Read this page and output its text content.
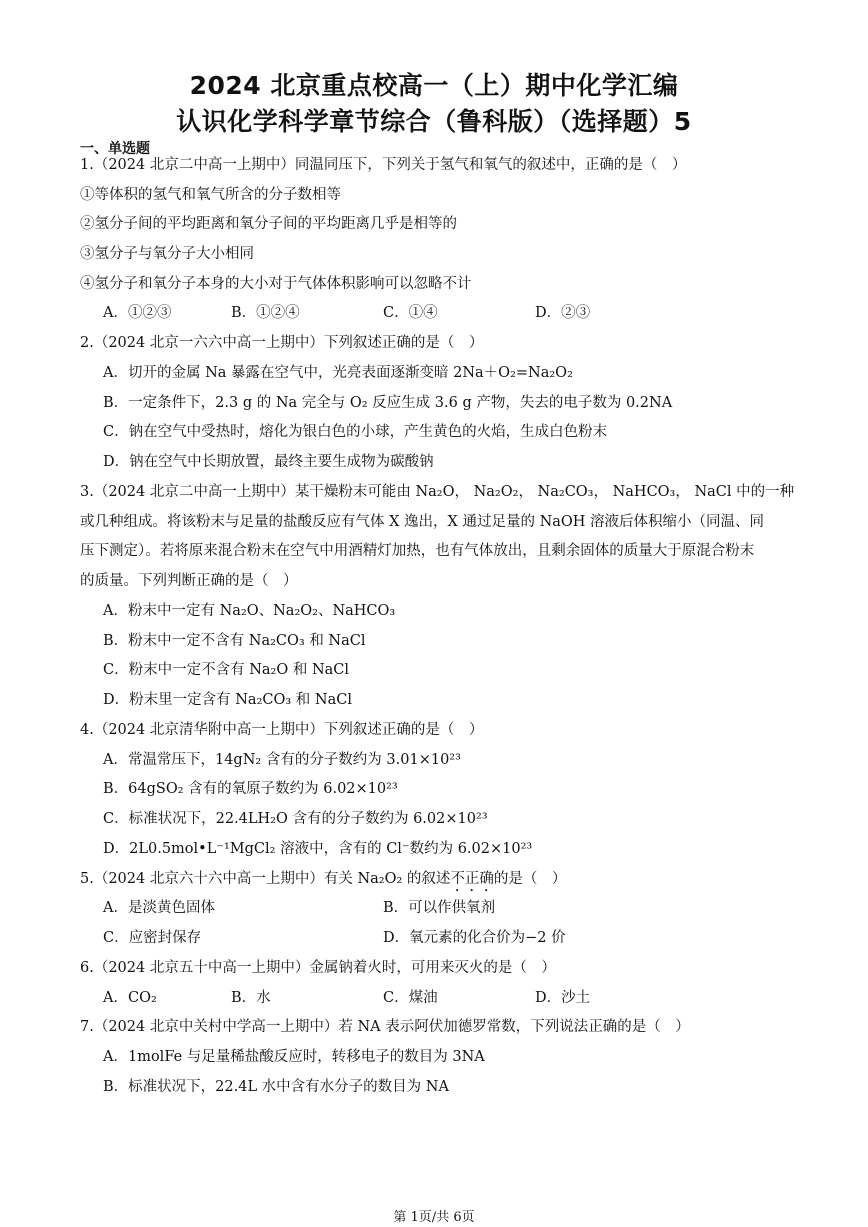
2024 北京重点校高一（上）期中化学汇编
认识化学科学章节综合（鲁科版）（选择题）5
一、单选题
1.（2024 北京二中高一上期中）同温同压下，下列关于氢气和氧气的叙述中，正确的是（　）
①等体积的氢气和氧气所含的分子数相等
②氢分子间的平均距离和氧分子间的平均距离几乎是相等的
③氢分子与氧分子大小相同
④氢分子和氧分子本身的大小对于气体体积影响可以忽略不计
A．①②③	B．①②④	C．①④	D．②③
2.（2024 北京一六六中高一上期中）下列叙述正确的是（　）
A．切开的金属 Na 暴露在空气中，光亮表面逐渐变暗 2Na＋O₂=Na₂O₂
B．一定条件下，2.3 g 的 Na 完全与 O₂ 反应生成 3.6 g 产物，失去的电子数为 0.2NA
C．钠在空气中受热时，熔化为银白色的小球，产生黄色的火焰，生成白色粉末
D．钠在空气中长期放置，最终主要生成物为碳酸钠
3.（2024 北京二中高一上期中）某干燥粉末可能由 Na₂O， Na₂O₂， Na₂CO₃， NaHCO₃， NaCl 中的一种
或几种组成。将该粉末与足量的盐酸反应有气体 X 逸出，X 通过足量的 NaOH 溶液后体积缩小（同温、同
压下测定）。若将原来混合粉末在空气中用酒精灯加热，也有气体放出，且剩余固体的质量大于原混合粉末
的质量。下列判断正确的是（　）
A．粉末中一定有 Na₂O、Na₂O₂、NaHCO₃
B．粉末中一定不含有 Na₂CO₃ 和 NaCl
C．粉末中一定不含有 Na₂O 和 NaCl
D．粉末里一定含有 Na₂CO₃ 和 NaCl
4.（2024 北京清华附中高一上期中）下列叙述正确的是（　）
A．常温常压下，14gN₂ 含有的分子数约为 3.01×10²³
B．64gSO₂ 含有的氧原子数约为 6.02×10²³
C．标准状况下，22.4LH₂O 含有的分子数约为 6.02×10²³
D．2L0.5mol•L⁻¹MgCl₂ 溶液中，含有的 Cl⁻数约为 6.02×10²³
5.（2024 北京六十六中高一上期中）有关 Na₂O₂ 的叙述不正确的是（　）
A．是淡黄色固体	B．可以作供氧剂
C．应密封保存	D．氧元素的化合价为−2 价
6.（2024 北京五十中高一上期中）金属钠着火时，可用来灭火的是（　）
A．CO₂	B．水	C．煤油	D．沙土
7.（2024 北京中关村中学高一上期中）若 NA 表示阿伏加德罗常数，下列说法正确的是（　）
A．1molFe 与足量稀盐酸反应时，转移电子的数目为 3NA
B．标准状况下，22.4L 水中含有水分子的数目为 NA
第 1页/共 6页
